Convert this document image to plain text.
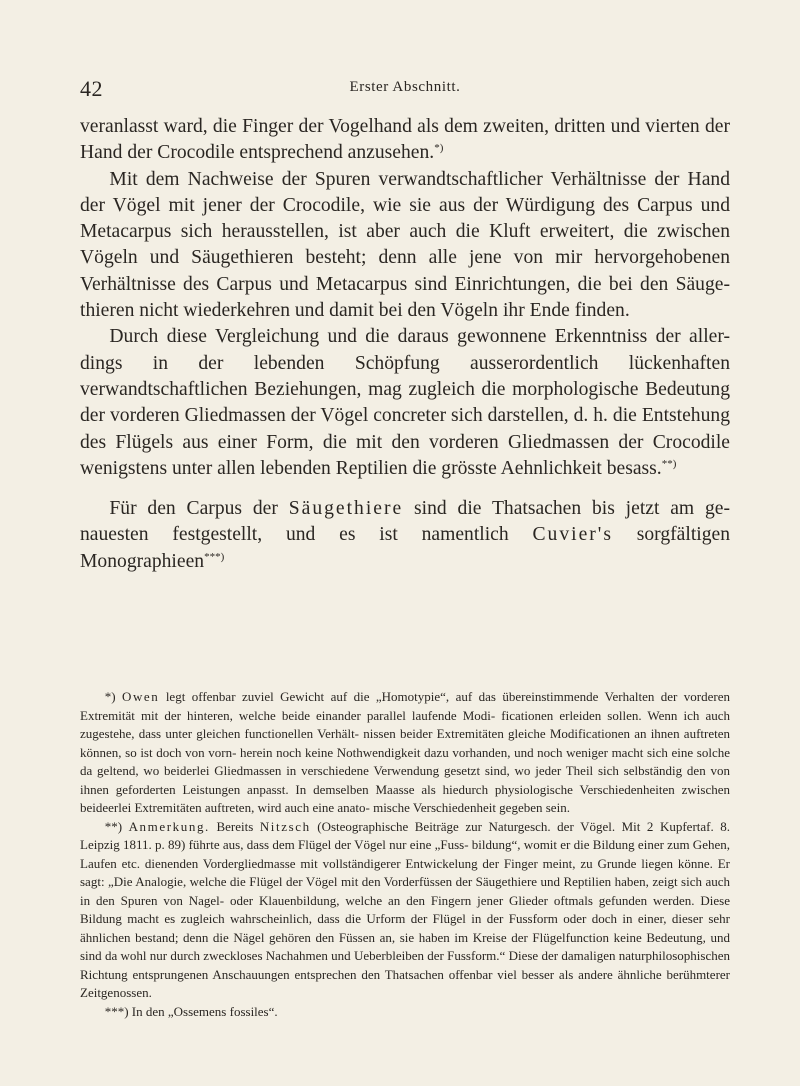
42	Erster Abschnitt.

veranlasst ward, die Finger der Vogelhand als dem zweiten, dritten und vierten der Hand der Crocodile entsprechend anzusehen.*)

Mit dem Nachweise der Spuren verwandtschaftlicher Verhältnisse der Hand der Vögel mit jener der Crocodile, wie sie aus der Würdigung des Carpus und Metacarpus sich herausstellen, ist aber auch die Kluft erweitert, die zwischen Vögeln und Säugethieren besteht; denn alle jene von mir hervorgehobenen Verhältnisse des Carpus und Metacarpus sind Einrichtungen, die bei den Säuge- thieren nicht wiederkehren und damit bei den Vögeln ihr Ende finden.

Durch diese Vergleichung und die daraus gewonnene Erkenntniss der aller- dings in der lebenden Schöpfung ausserordentlich lückenhaften verwandtschaftlichen Beziehungen, mag zugleich die morphologische Bedeutung der vorderen Gliedmassen der Vögel concreter sich darstellen, d. h. die Entstehung des Flügels aus einer Form, die mit den vorderen Gliedmassen der Crocodile wenigstens unter allen lebenden Reptilien die grösste Aehnlichkeit besass.**)

Für den Carpus der Säugethiere sind die Thatsachen bis jetzt am ge- nauesten festgestellt, und es ist namentlich Cuvier's sorgfältigen Monographieen***)

*) Owen legt offenbar zuviel Gewicht auf die „Homotypie“, auf das übereinstimmende Verhalten der vorderen Extremität mit der hinteren, welche beide einander parallel laufende Modi- ficationen erleiden sollen. Wenn ich auch zugestehe, dass unter gleichen functionellen Verhält- nissen beider Extremitäten gleiche Modificationen an ihnen auftreten können, so ist doch von vorn- herein noch keine Nothwendigkeit dazu vorhanden, und noch weniger macht sich eine solche da geltend, wo beiderlei Gliedmassen in verschiedene Verwendung gesetzt sind, wo jeder Theil sich selbständig den von ihnen geforderten Leistungen anpasst. In demselben Maasse als hiedurch physiologische Verschiedenheiten zwischen beideerlei Extremitäten auftreten, wird auch eine anato- mische Verschiedenheit gegeben sein.

**) Anmerkung. Bereits Nitzsch (Osteographische Beiträge zur Naturgesch. der Vögel. Mit 2 Kupfertaf. 8. Leipzig 1811. p. 89) führte aus, dass dem Flügel der Vögel nur eine „Fuss- bildung“, womit er die Bildung einer zum Gehen, Laufen etc. dienenden Vordergliedmasse mit vollständigerer Entwickelung der Finger meint, zu Grunde liegen könne. Er sagt: „Die Analogie, welche die Flügel der Vögel mit den Vorderfüssen der Säugethiere und Reptilien haben, zeigt sich auch in den Spuren von Nagel- oder Klauenbildung, welche an den Fingern jener Glieder oftmals gefunden werden. Diese Bildung macht es zugleich wahrscheinlich, dass die Urform der Flügel in der Fussform oder doch in einer, dieser sehr ähnlichen bestand; denn die Nägel gehören den Füssen an, sie haben im Kreise der Flügelfunction keine Bedeutung, und sind da wohl nur durch zweckloses Nachahmen und Ueberbleiben der Fussform.“ Diese der damaligen naturphilosophischen Richtung entsprungenen Anschauungen entsprechen den Thatsachen offenbar viel besser als andere ähnliche berühmterer Zeitgenossen.

***) In den „Ossemens fossiles“.
